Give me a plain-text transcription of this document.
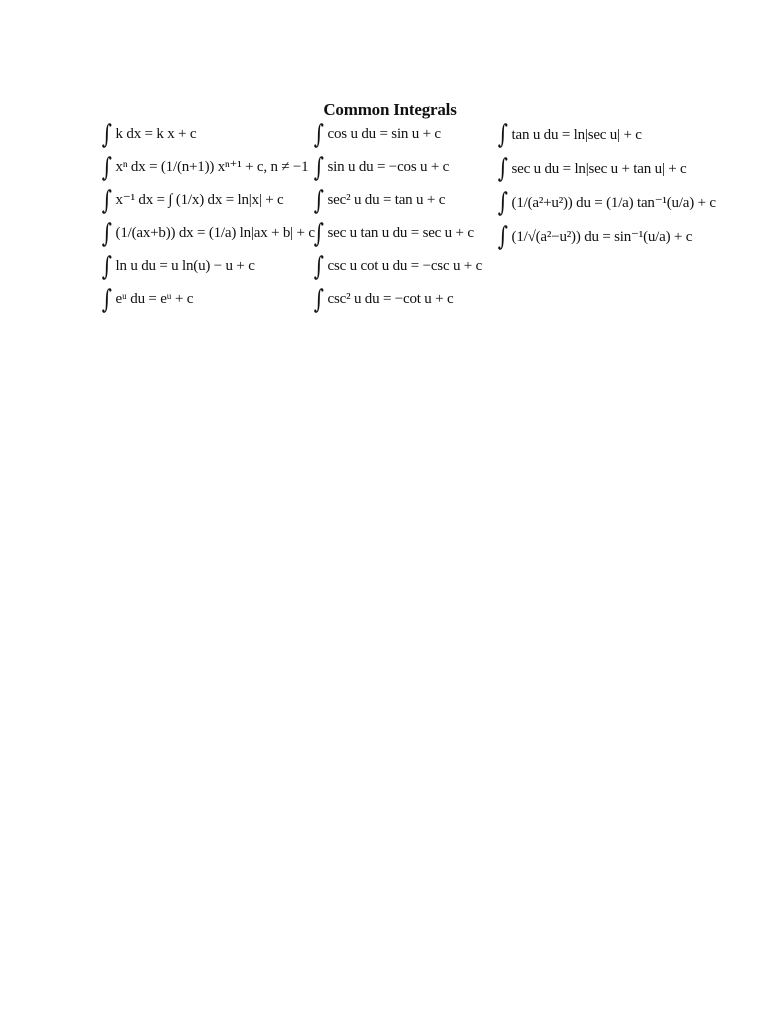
Common Integrals
∫ k dx = k x + c
∫ xⁿ dx = (1/(n+1)) xⁿ⁺¹ + c, n ≠ −1
∫ x⁻¹ dx = ∫ (1/x) dx = ln|x| + c
∫ (1/(ax+b)) dx = (1/a) ln|ax + b| + c
∫ ln u du = u ln(u) − u + c
∫ eᵘ du = eᵘ + c
∫ cos u du = sin u + c
∫ sin u du = −cos u + c
∫ sec² u du = tan u + c
∫ sec u tan u du = sec u + c
∫ csc u cot u du = −csc u + c
∫ csc² u du = −cot u + c
∫ tan u du = ln|sec u| + c
∫ sec u du = ln|sec u + tan u| + c
∫ (1/(a²+u²)) du = (1/a) tan⁻¹(u/a) + c
∫ (1/√(a²−u²)) du = sin⁻¹(u/a) + c
